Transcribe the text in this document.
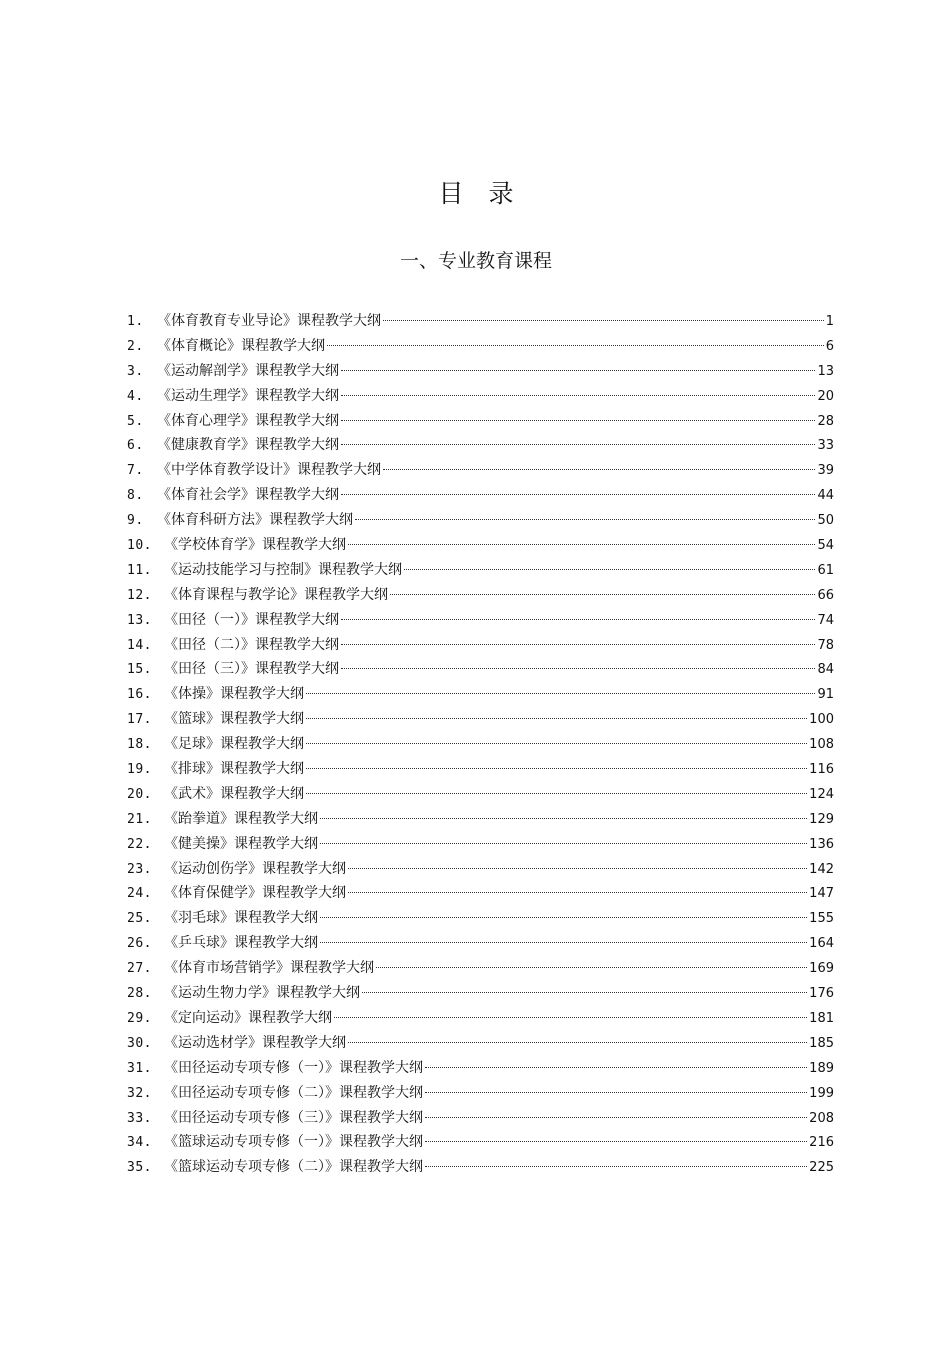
目　录
一、专业教育课程
1. 《体育教育专业导论》课程教学大纲	1
2. 《体育概论》课程教学大纲	6
3. 《运动解剖学》课程教学大纲	13
4. 《运动生理学》课程教学大纲	20
5. 《体育心理学》课程教学大纲	28
6. 《健康教育学》课程教学大纲	33
7. 《中学体育教学设计》课程教学大纲	39
8. 《体育社会学》课程教学大纲	44
9. 《体育科研方法》课程教学大纲	50
10. 《学校体育学》课程教学大纲	54
11. 《运动技能学习与控制》课程教学大纲	61
12. 《体育课程与教学论》课程教学大纲	66
13. 《田径（一）》课程教学大纲	74
14. 《田径（二）》课程教学大纲	78
15. 《田径（三）》课程教学大纲	84
16. 《体操》课程教学大纲	91
17. 《篮球》课程教学大纲	100
18. 《足球》课程教学大纲	108
19. 《排球》课程教学大纲	116
20. 《武术》课程教学大纲	124
21. 《跆拳道》课程教学大纲	129
22. 《健美操》课程教学大纲	136
23. 《运动创伤学》课程教学大纲	142
24. 《体育保健学》课程教学大纲	147
25. 《羽毛球》课程教学大纲	155
26. 《乒乓球》课程教学大纲	164
27. 《体育市场营销学》课程教学大纲	169
28. 《运动生物力学》课程教学大纲	176
29. 《定向运动》课程教学大纲	181
30. 《运动选材学》课程教学大纲	185
31. 《田径运动专项专修（一）》课程教学大纲	189
32. 《田径运动专项专修（二）》课程教学大纲	199
33. 《田径运动专项专修（三）》课程教学大纲	208
34. 《篮球运动专项专修（一）》课程教学大纲	216
35. 《篮球运动专项专修（二）》课程教学大纲	225
